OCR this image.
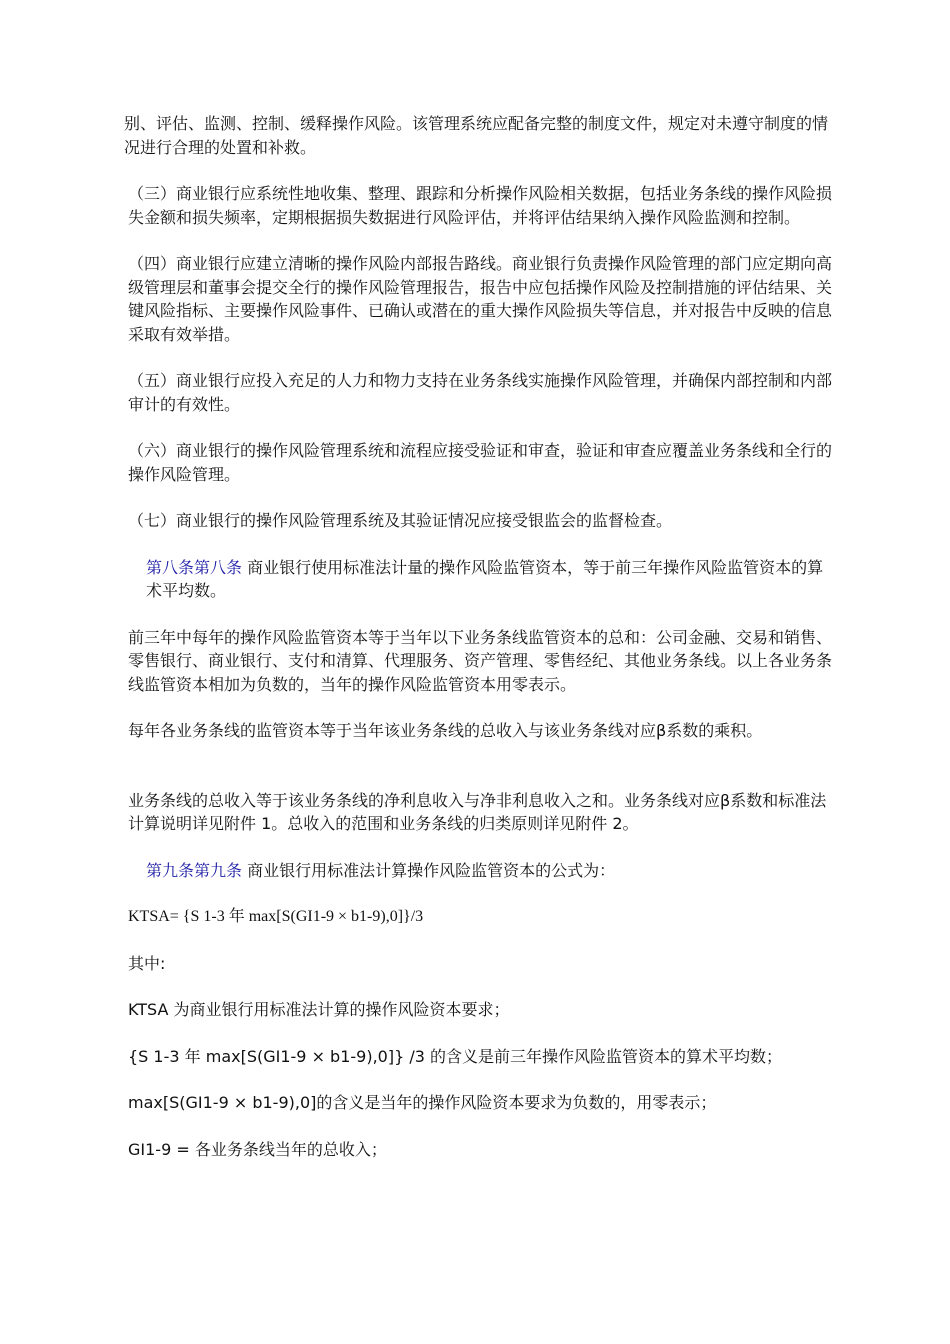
别、评估、监测、控制、缓释操作风险。该管理系统应配备完整的制度文件，规定对未遵守制度的情况进行合理的处置和补救。

（三）商业银行应系统性地收集、整理、跟踪和分析操作风险相关数据，包括业务条线的操作风险损失金额和损失频率，定期根据损失数据进行风险评估，并将评估结果纳入操作风险监测和控制。

（四）商业银行应建立清晰的操作风险内部报告路线。商业银行负责操作风险管理的部门应定期向高级管理层和董事会提交全行的操作风险管理报告，报告中应包括操作风险及控制措施的评估结果、关键风险指标、主要操作风险事件、已确认或潜在的重大操作风险损失等信息，并对报告中反映的信息采取有效举措。

（五）商业银行应投入充足的人力和物力支持在业务条线实施操作风险管理，并确保内部控制和内部审计的有效性。

（六）商业银行的操作风险管理系统和流程应接受验证和审查，验证和审查应覆盖业务条线和全行的操作风险管理。

（七）商业银行的操作风险管理系统及其验证情况应接受银监会的监督检查。

第八条第八条 商业银行使用标准法计量的操作风险监管资本，等于前三年操作风险监管资本的算术平均数。

前三年中每年的操作风险监管资本等于当年以下业务条线监管资本的总和：公司金融、交易和销售、零售银行、商业银行、支付和清算、代理服务、资产管理、零售经纪、其他业务条线。以上各业务条线监管资本相加为负数的，当年的操作风险监管资本用零表示。

每年各业务条线的监管资本等于当年该业务条线的总收入与该业务条线对应β系数的乘积。

业务条线的总收入等于该业务条线的净利息收入与净非利息收入之和。业务条线对应β系数和标准法计算说明详见附件 1。总收入的范围和业务条线的归类原则详见附件 2。

第九条第九条 商业银行用标准法计算操作风险监管资本的公式为：

KTSA= {S 1-3 年 max[S(GI1-9 × b1-9),0]}/3

其中:

KTSA 为商业银行用标准法计算的操作风险资本要求；

{S 1-3 年 max[S(GI1-9 × b1-9),0]} /3 的含义是前三年操作风险监管资本的算术平均数；

max[S(GI1-9 × b1-9),0]的含义是当年的操作风险资本要求为负数的，用零表示；

GI1-9 = 各业务条线当年的总收入；
